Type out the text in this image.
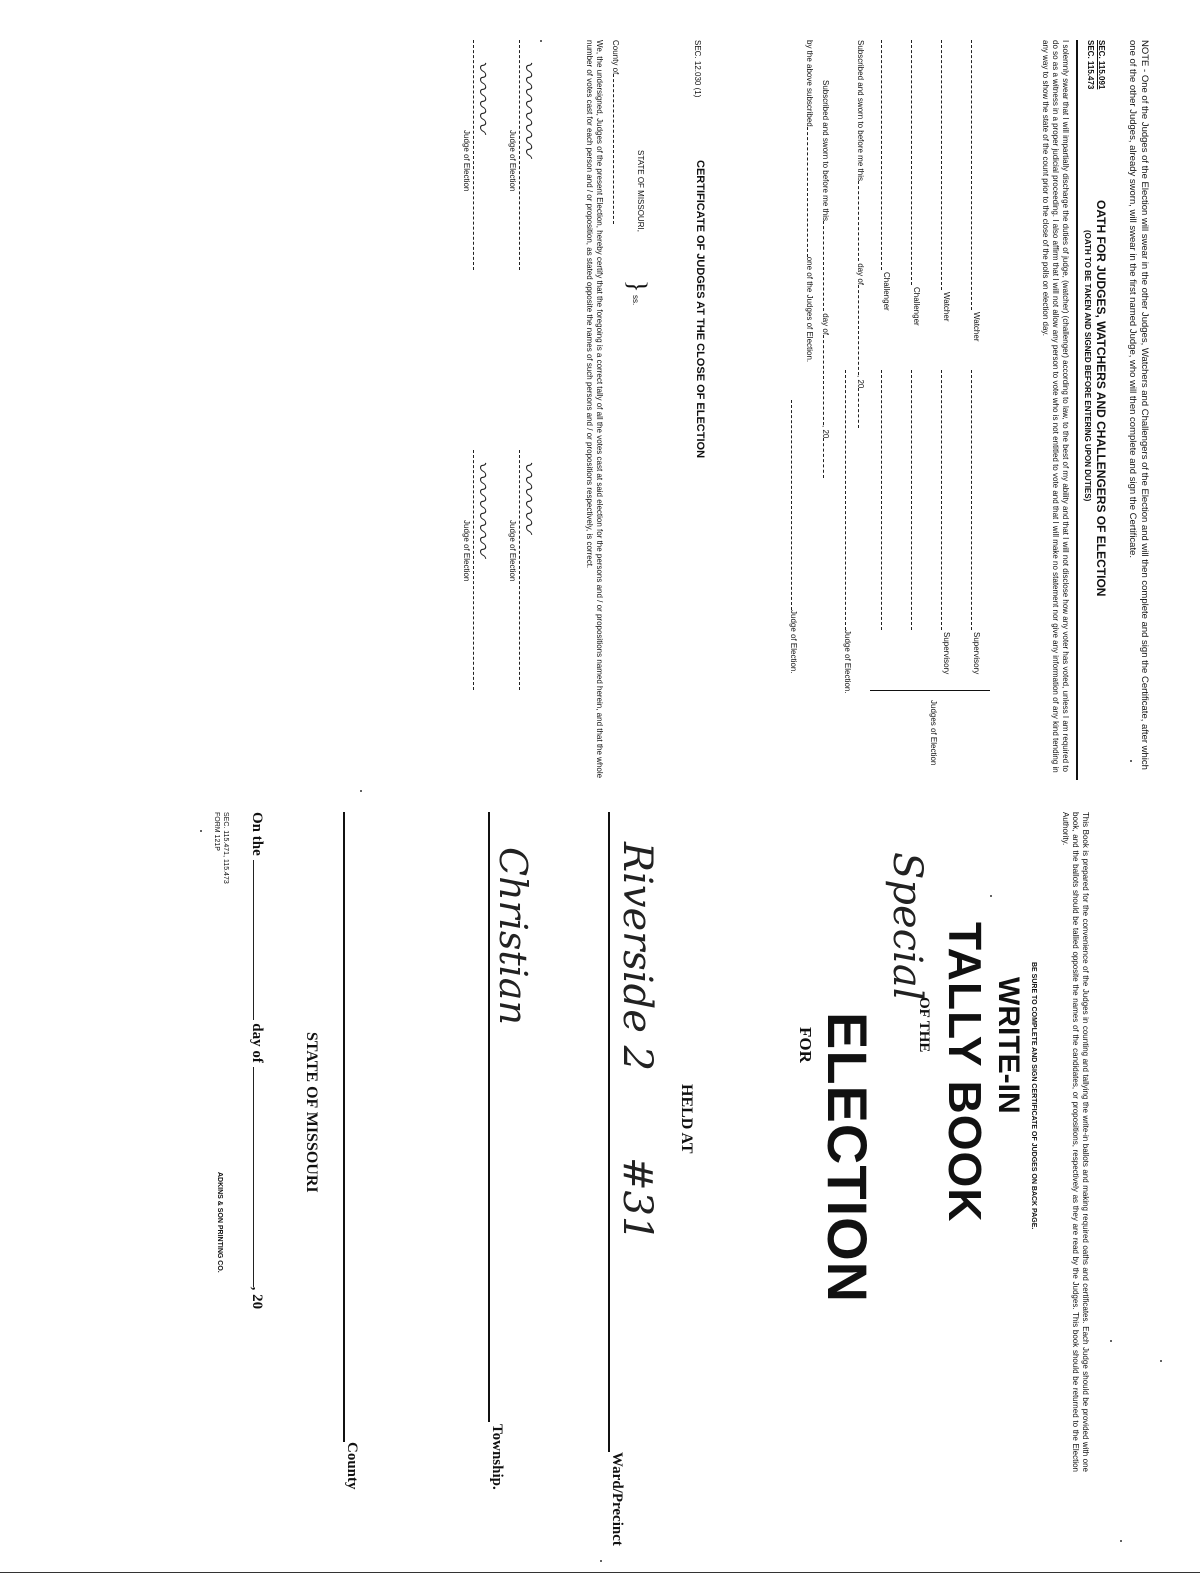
NOTE - One of the Judges of the Election will swear in the other Judges, Watchers and Challengers of the Election and will then complete and sign the Certificate, after which one of the other Judges, already sworn, will swear in the first named Judge, who will then complete and sign the Certificate.
SEC. 115.091
SEC. 115.473
OATH FOR JUDGES, WATCHERS AND CHALLENGERS OF ELECTION
(OATH TO BE TAKEN AND SIGNED BEFORE ENTERING UPON DUTIES)
I solemnly swear that I will impartially discharge the duties of judge, (watcher) (challenger) according to law, to the best of my ability and that I will not disclose how any voter has voted, unless I am required to do so as a witness in a proper judicial proceeding. I also affirm that I will not allow any person to vote who is not entitled to vote and that I will make no statement nor give any information of any kind tending in any way to show the state of the count prior to the close of the polls on election day.
Watcher
Supervisory
Watcher
Supervisory
Challenger
Challenger
Judges of Election
Subscribed and sworn to before me this day of, 20
Judge of Election.
Subscribed and sworn to before me this day of, 20
by the above subscribedone of the Judges of Election.
Judge of Election.
SEC. 12.030 (1)
CERTIFICATE OF JUDGES AT THE CLOSE OF ELECTION
STATE OF MISSOURI,
}
ss.
County of
We, the undersigned, Judges of the present Election, hereby certify that the foregoing is a correct tally of all the votes cast at said election for the persons and / or propositions named herein, and that the whole number of votes cast for each person and / or proposition, as stated opposite the names of such persons and / or propositions respectively, is correct.
〰〰〰〰
Judge of Election
〰〰〰
Judge of Election
〰〰〰
Judge of Election
〰〰〰〰
Judge of Election
This Book is prepared for the convenience of the Judges in counting and tallying the write-in ballots and making required oaths and certificates. Each Judge should be provided with one book, and the ballots should be tallied opposite the names of the candidates, or propositions, respectively as they are read by the Judges. This book should be returned to the Election Authority.
BE SURE TO COMPLETE AND SIGN CERTIFICATE OF JUDGES ON BACK PAGE.
WRITE-IN
TALLY BOOK
OF THE
Special
ELECTION
FOR
HELD AT
Riverside 2
#31
Ward/Precinct
Christian
Township.
County
STATE OF MISSOURI
On the  day of , 20
SEC. 115.471, 115.473
FORM 121P
ADKINS & SON PRINTING CO.
